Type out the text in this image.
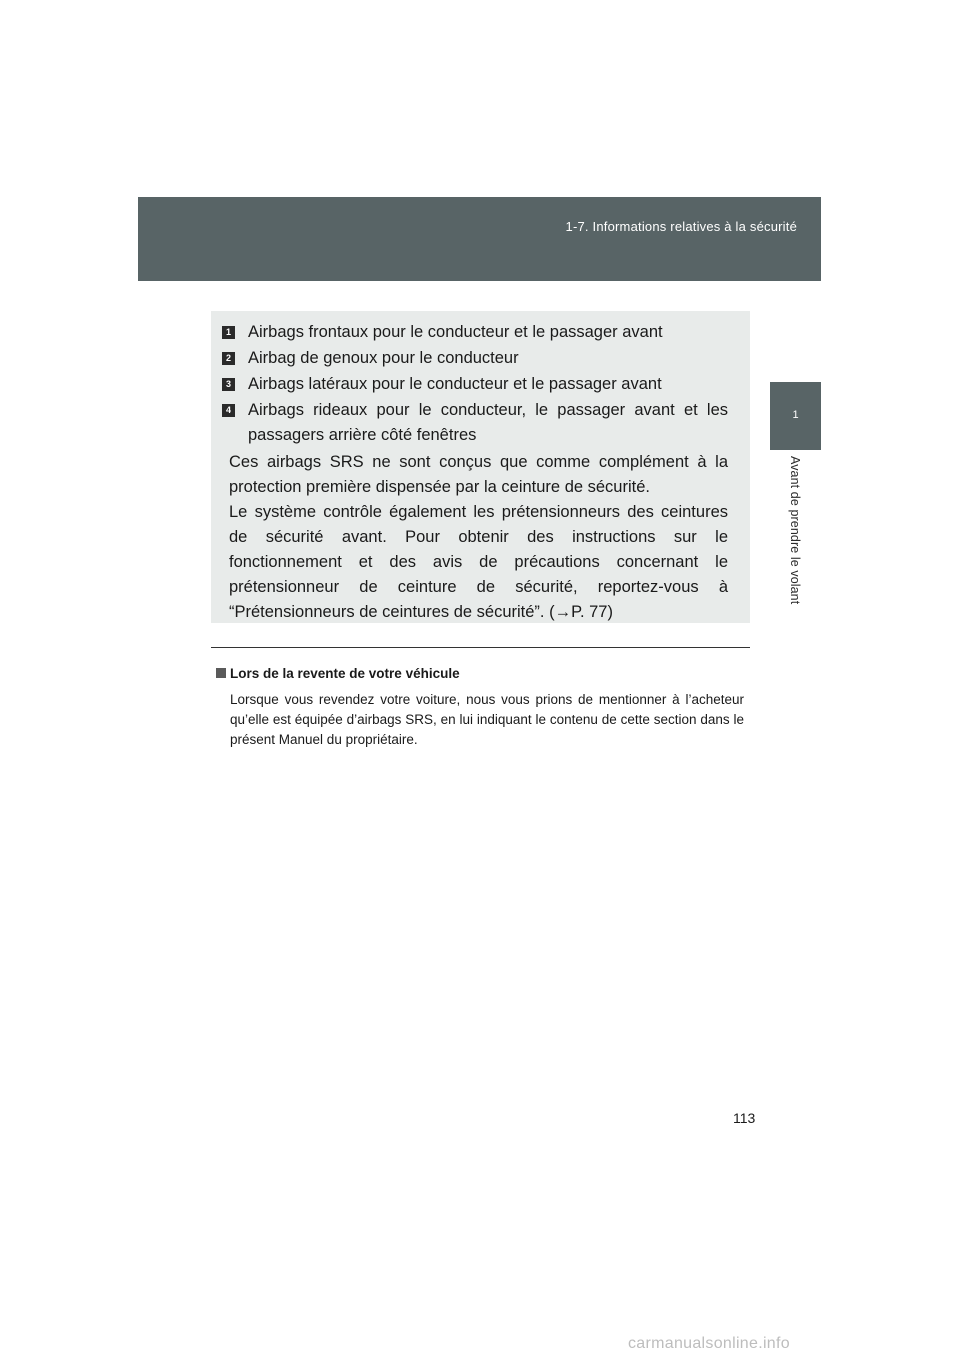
1-7. Informations relatives à la sécurité
1
Avant de prendre le volant
1 Airbags frontaux pour le conducteur et le passager avant
2 Airbag de genoux pour le conducteur
3 Airbags latéraux pour le conducteur et le passager avant
4 Airbags rideaux pour le conducteur, le passager avant et les
passagers arrière côté fenêtres
Ces airbags SRS ne sont conçus que comme complément à la protection première dispensée par la ceinture de sécurité.
Le système contrôle également les prétensionneurs des ceintures de sécurité avant. Pour obtenir des instructions sur le fonctionnement et des avis de précautions concernant le prétensionneur de ceinture de sécurité, reportez-vous à “Prétensionneurs de ceintures de sécurité”. (→P. 77)
Lors de la revente de votre véhicule
Lorsque vous revendez votre voiture, nous vous prions de mentionner à l’acheteur qu’elle est équipée d’airbags SRS, en lui indiquant le contenu de cette section dans le présent Manuel du propriétaire.
113
carmanualsonline.info
